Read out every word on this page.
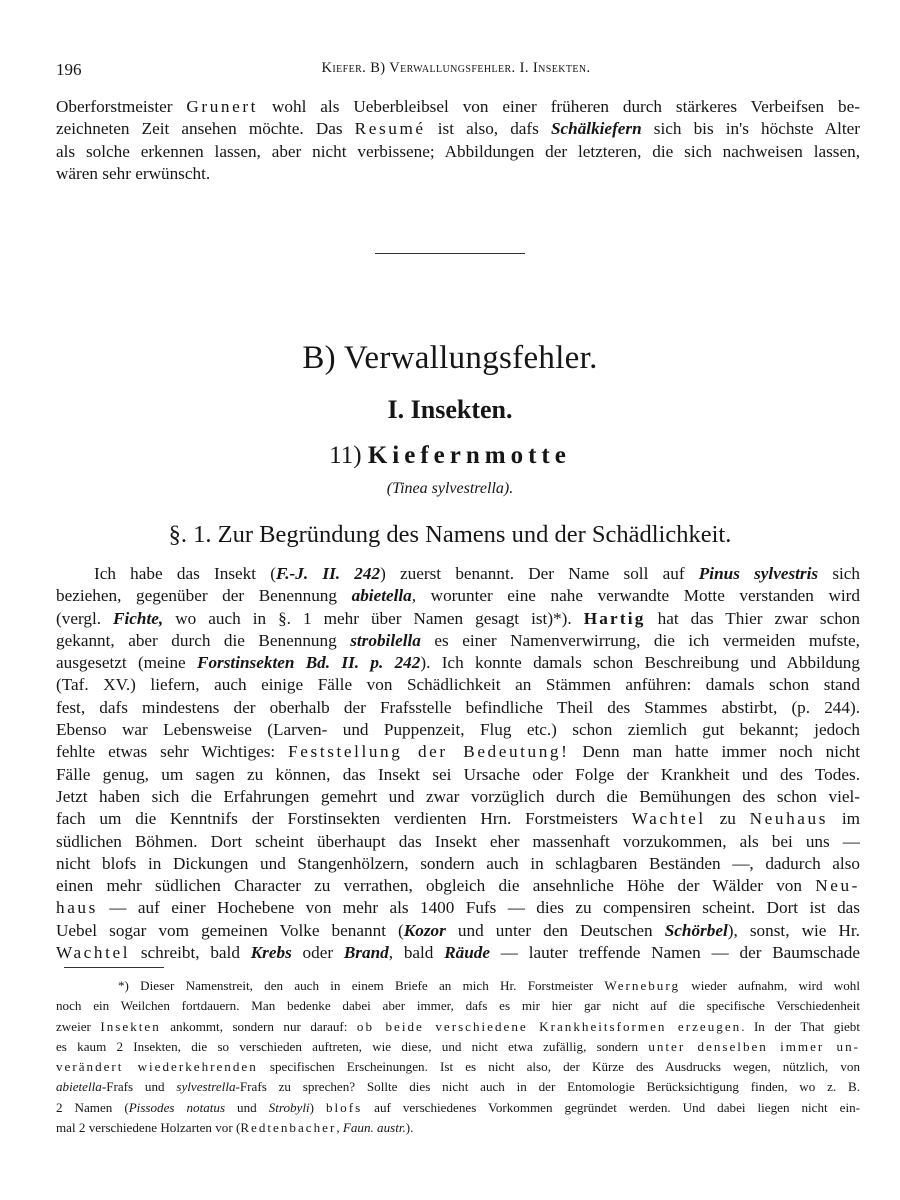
196	Kiefer. B) Verwallungsfehler. I. Insekten.
Oberforstmeister Grunert wohl als Ueberbleibsel von einer früheren durch stärkeres Verbeifsen be-
zeichneten Zeit ansehen möchte. Das Resumé ist also, dafs Schälkiefern sich bis in's höchste Alter
als solche erkennen lassen, aber nicht verbissene; Abbildungen der letzteren, die sich nachweisen lassen,
wären sehr erwünscht.
B) Verwallungsfehler.
I. Insekten.
11) Kiefernmotte
(Tinea sylvestrella).
§. 1. Zur Begründung des Namens und der Schädlichkeit.
Ich habe das Insekt (F.-J. II. 242) zuerst benannt. Der Name soll auf Pinus sylvestris sich
beziehen, gegenüber der Benennung abietella, worunter eine nahe verwandte Motte verstanden wird
(vergl. Fichte, wo auch in §. 1 mehr über Namen gesagt ist)*). Hartig hat das Thier zwar schon
gekannt, aber durch die Benennung strobilella es einer Namenverwirrung, die ich vermeiden mufste,
ausgesetzt (meine Forstinsekten Bd. II. p. 242). Ich konnte damals schon Beschreibung und Abbildung
(Taf. XV.) liefern, auch einige Fälle von Schädlichkeit an Stämmen anführen: damals schon stand
fest, dafs mindestens der oberhalb der Frafsstelle befindliche Theil des Stammes abstirbt, (p. 244).
Ebenso war Lebensweise (Larven- und Puppenzeit, Flug etc.) schon ziemlich gut bekannt; jedoch
fehlte etwas sehr Wichtiges: Feststellung der Bedeutung! Denn man hatte immer noch nicht
Fälle genug, um sagen zu können, das Insekt sei Ursache oder Folge der Krankheit und des Todes.
Jetzt haben sich die Erfahrungen gemehrt und zwar vorzüglich durch die Bemühungen des schon viel-
fach um die Kenntnifs der Forstinsekten verdienten Hrn. Forstmeisters Wachtel zu Neuhaus im
südlichen Böhmen. Dort scheint überhaupt das Insekt eher massenhaft vorzukommen, als bei uns —
nicht blofs in Dickungen und Stangenhölzern, sondern auch in schlagbaren Beständen —, dadurch also
einen mehr südlichen Character zu verrathen, obgleich die ansehnliche Höhe der Wälder von Neu-
haus — auf einer Hochebene von mehr als 1400 Fufs — dies zu compensiren scheint. Dort ist das
Uebel sogar vom gemeinen Volke benannt (Kozor und unter den Deutschen Schörbel), sonst, wie Hr.
Wachtel schreibt, bald Krebs oder Brand, bald Räude — lauter treffende Namen — der Baumschade
*) Dieser Namenstreit, den auch in einem Briefe an mich Hr. Forstmeister Werneburg wieder aufnahm, wird wohl
noch ein Weilchen fortdauern. Man bedenke dabei aber immer, dafs es mir hier gar nicht auf die specifische Verschiedenheit
zweier Insekten ankommt, sondern nur darauf: ob beide verschiedene Krankheitsformen erzeugen. In der That giebt
es kaum 2 Insekten, die so verschieden auftreten, wie diese, und nicht etwa zufällig, sondern unter denselben immer un-
verändert wiederkehrenden specifischen Erscheinungen. Ist es nicht also, der Kürze des Ausdrucks wegen, nützlich, von
abietella-Frafs und sylvestrella-Frafs zu sprechen? Sollte dies nicht auch in der Entomologie Berücksichtigung finden, wo z. B.
2 Namen (Pissodes notatus und Strobyli) blofs auf verschiedenes Vorkommen gegründet werden. Und dabei liegen nicht ein-
mal 2 verschiedene Holzarten vor (Redtenbacher, Faun. austr.).
